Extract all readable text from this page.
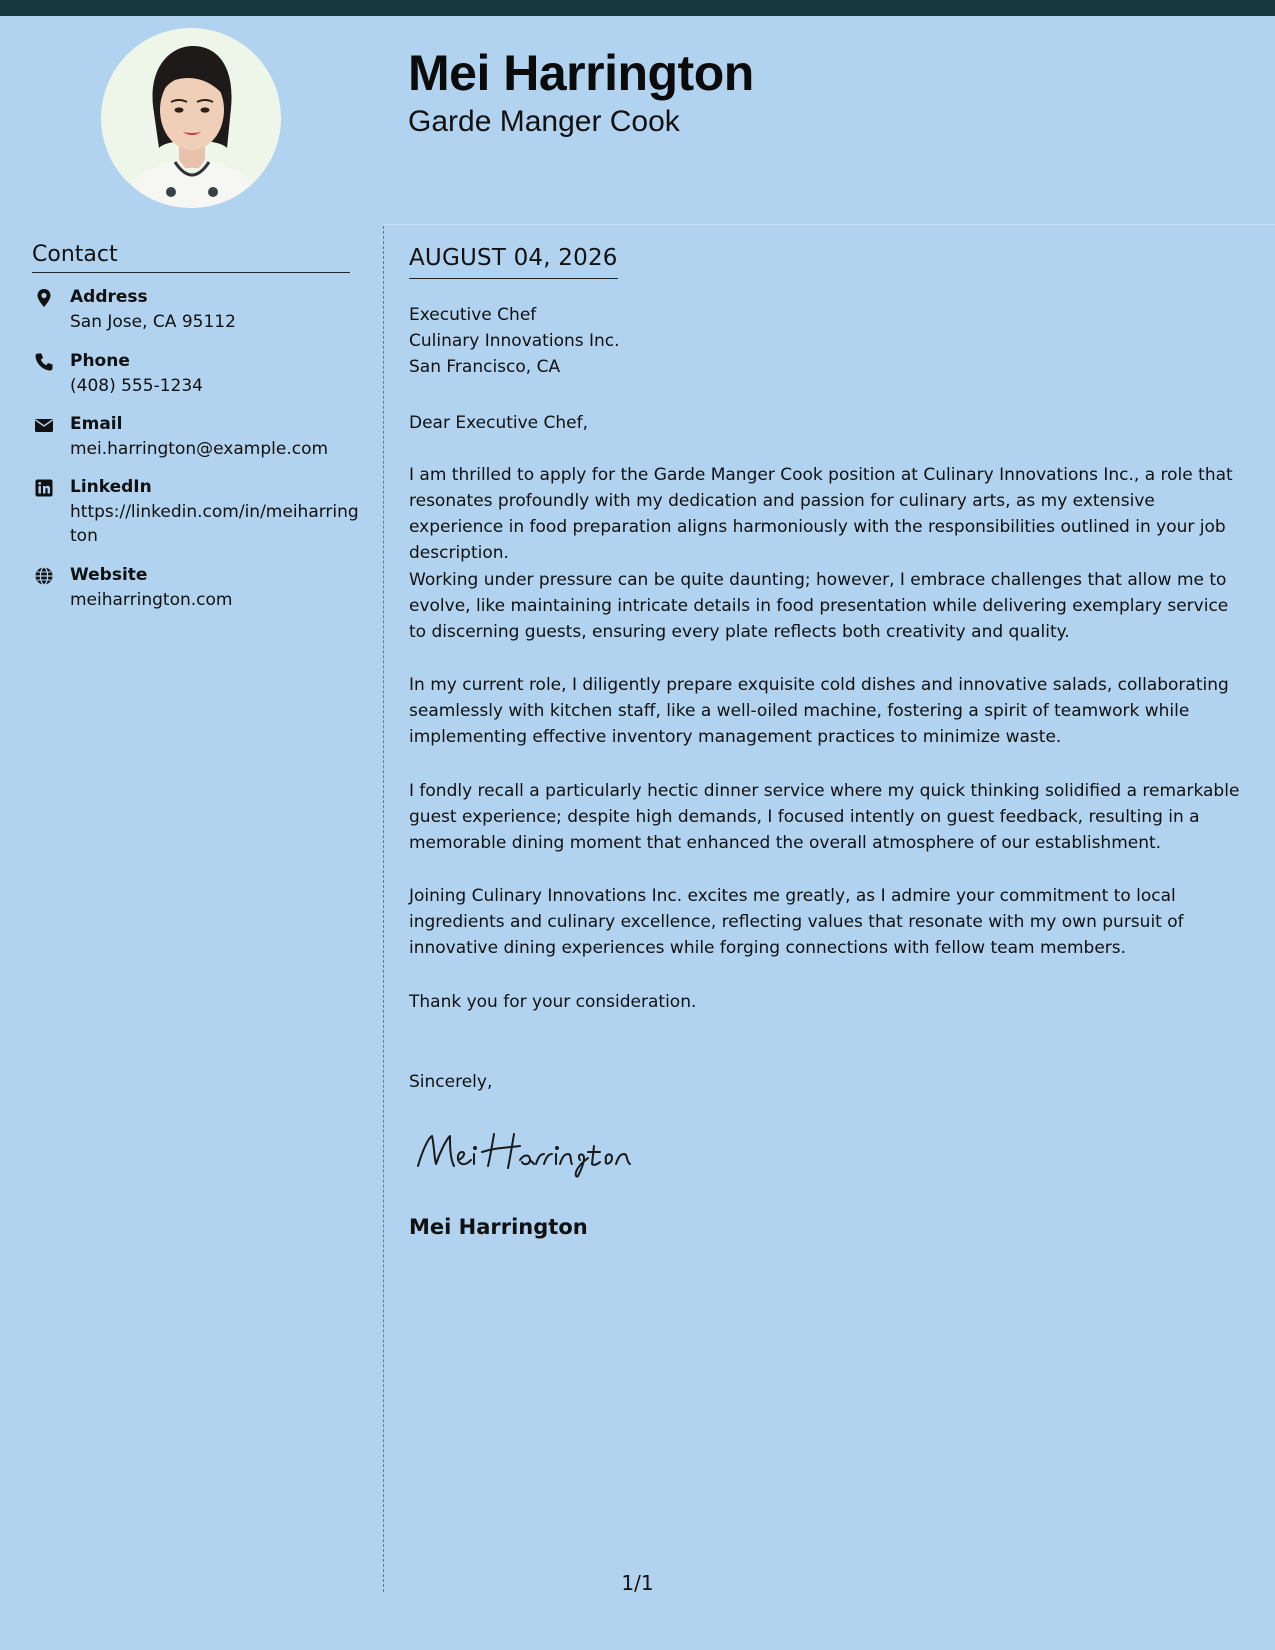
Mei Harrington
Garde Manger Cook
Contact
Address
San Jose, CA 95112
Phone
(408) 555-1234
Email
mei.harrington@example.com
LinkedIn
https://linkedin.com/in/meiharrington
Website
meiharrington.com
AUGUST 04, 2026
Executive Chef
Culinary Innovations Inc.
San Francisco, CA
Dear Executive Chef,
I am thrilled to apply for the Garde Manger Cook position at Culinary Innovations Inc., a role that resonates profoundly with my dedication and passion for culinary arts, as my extensive experience in food preparation aligns harmoniously with the responsibilities outlined in your job description.
Working under pressure can be quite daunting; however, I embrace challenges that allow me to evolve, like maintaining intricate details in food presentation while delivering exemplary service to discerning guests, ensuring every plate reflects both creativity and quality.
In my current role, I diligently prepare exquisite cold dishes and innovative salads, collaborating seamlessly with kitchen staff, like a well-oiled machine, fostering a spirit of teamwork while implementing effective inventory management practices to minimize waste.
I fondly recall a particularly hectic dinner service where my quick thinking solidified a remarkable guest experience; despite high demands, I focused intently on guest feedback, resulting in a memorable dining moment that enhanced the overall atmosphere of our establishment.
Joining Culinary Innovations Inc. excites me greatly, as I admire your commitment to local ingredients and culinary excellence, reflecting values that resonate with my own pursuit of innovative dining experiences while forging connections with fellow team members.
Thank you for your consideration.
Sincerely,
Mei Harrington
1/1
